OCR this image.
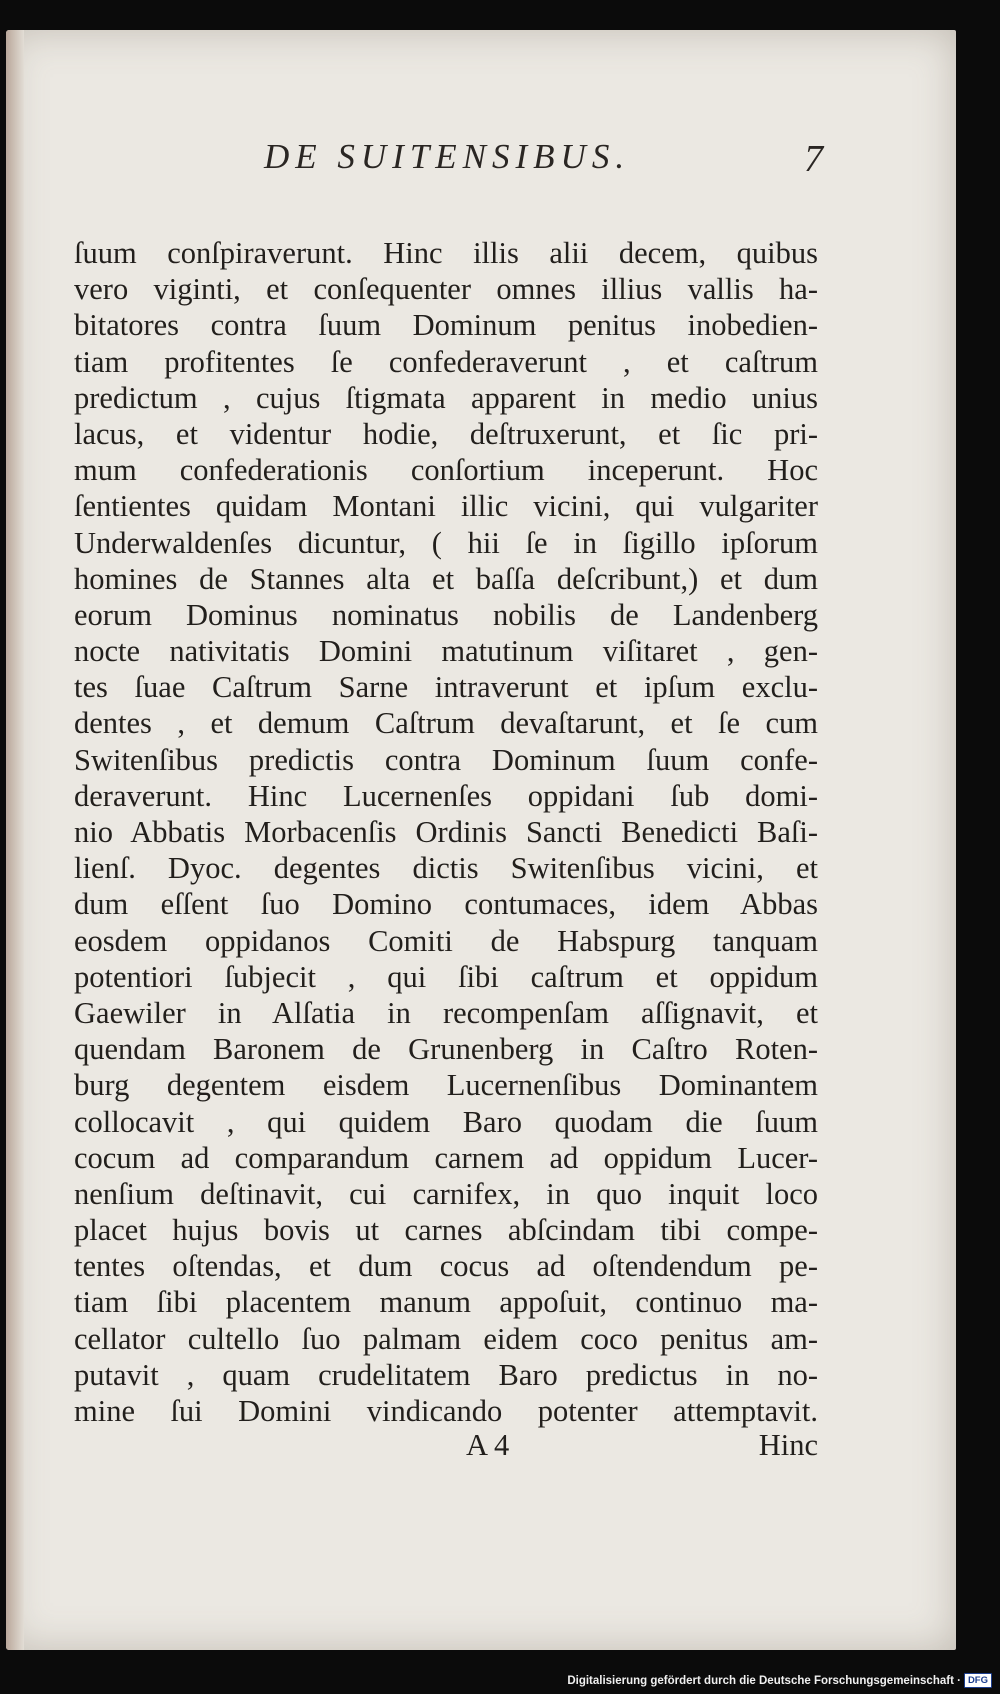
DE SUITENSIBUS.	7
ſuum conſpiraverunt. Hinc illis alii decem, quibus
vero viginti, et conſequenter omnes illius vallis ha-
bitatores contra ſuum Dominum penitus inobedien-
tiam profitentes ſe confederaverunt , et caſtrum
predictum , cujus ſtigmata apparent in medio unius
lacus, et videntur hodie, deſtruxerunt, et ſic pri-
mum confederationis conſortium inceperunt. Hoc
ſentientes quidam Montani illic vicini, qui vulgariter
Underwaldenſes dicuntur, ( hii ſe in ſigillo ipſorum
homines de Stannes alta et baſſa deſcribunt,) et dum
eorum Dominus nominatus nobilis de Landenberg
nocte nativitatis Domini matutinum viſitaret , gen-
tes ſuae Caſtrum Sarne intraverunt et ipſum exclu-
dentes , et demum Caſtrum devaſtarunt, et ſe cum
Switenſibus predictis contra Dominum ſuum confe-
deraverunt. Hinc Lucernenſes oppidani ſub domi-
nio Abbatis Morbacenſis Ordinis Sancti Benedicti Baſi-
lienſ. Dyoc. degentes dictis Switenſibus vicini, et
dum eſſent ſuo Domino contumaces, idem Abbas
eosdem oppidanos Comiti de Habspurg tanquam
potentiori ſubjecit , qui ſibi caſtrum et oppidum
Gaewiler in Alſatia in recompenſam aſſignavit, et
quendam Baronem de Grunenberg in Caſtro Roten-
burg degentem eisdem Lucernenſibus Dominantem
collocavit , qui quidem Baro quodam die ſuum
cocum ad comparandum carnem ad oppidum Lucer-
nenſium deſtinavit, cui carnifex, in quo inquit loco
placet hujus bovis ut carnes abſcindam tibi compe-
tentes oſtendas, et dum cocus ad oſtendendum pe-
tiam ſibi placentem manum appoſuit, continuo ma-
cellator cultello ſuo palmam eidem coco penitus am-
putavit , quam crudelitatem Baro predictus in no-
mine ſui Domini vindicando potenter attemptavit.
A 4	Hinc
Digitalisierung gefördert durch die Deutsche Forschungsgemeinschaft · DFG
